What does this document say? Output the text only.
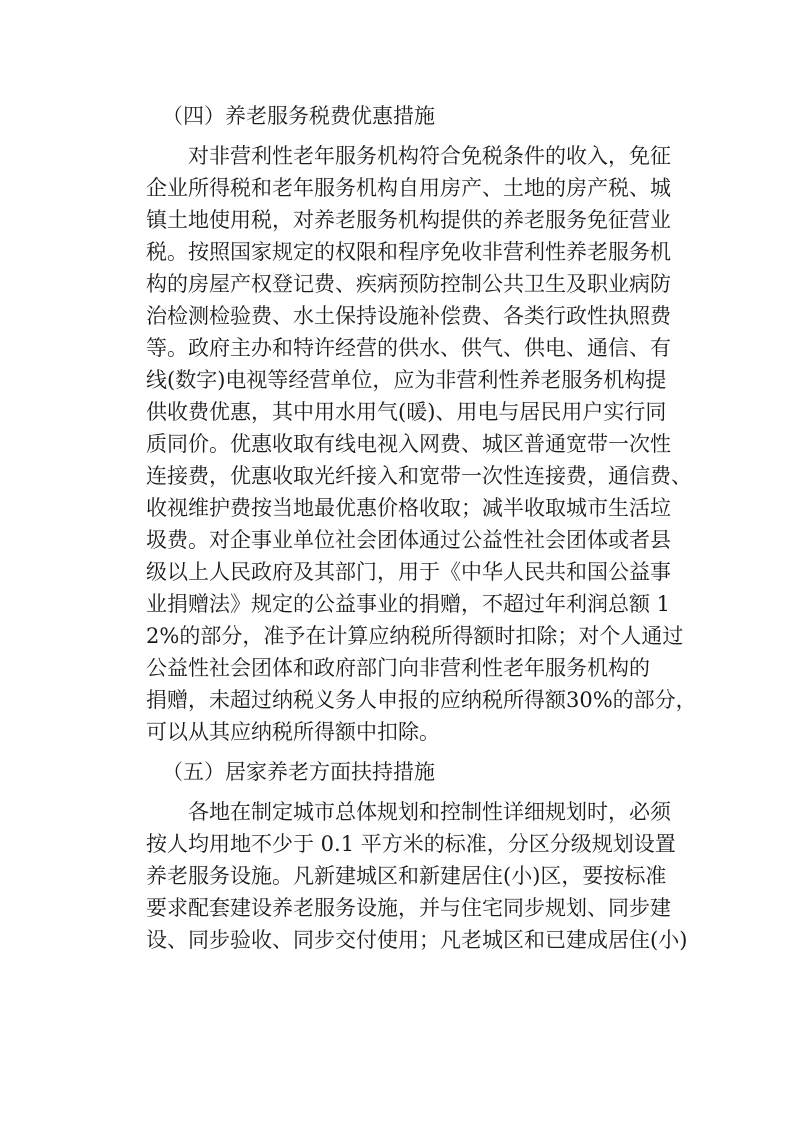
（四）养老服务税费优惠措施
对非营利性老年服务机构符合免税条件的收入，免征
企业所得税和老年服务机构自用房产、土地的房产税、城
镇土地使用税，对养老服务机构提供的养老服务免征营业
税。按照国家规定的权限和程序免收非营利性养老服务机
构的房屋产权登记费、疾病预防控制公共卫生及职业病防
治检测检验费、水土保持设施补偿费、各类行政性执照费
等。政府主办和特许经营的供水、供气、供电、通信、有
线(数字)电视等经营单位，应为非营利性养老服务机构提
供收费优惠，其中用水用气(暖)、用电与居民用户实行同
质同价。优惠收取有线电视入网费、城区普通宽带一次性
连接费，优惠收取光纤接入和宽带一次性连接费，通信费、
收视维护费按当地最优惠价格收取；减半收取城市生活垃
圾费。对企事业单位社会团体通过公益性社会团体或者县
级以上人民政府及其部门，用于《中华人民共和国公益事
业捐赠法》规定的公益事业的捐赠，不超过年利润总额 1
2%的部分，准予在计算应纳税所得额时扣除；对个人通过
公益性社会团体和政府部门向非营利性老年服务机构的
捐赠，未超过纳税义务人申报的应纳税所得额30%的部分，
可以从其应纳税所得额中扣除。
（五）居家养老方面扶持措施
各地在制定城市总体规划和控制性详细规划时，必须
按人均用地不少于 0.1 平方米的标准，分区分级规划设置
养老服务设施。凡新建城区和新建居住(小)区，要按标准
要求配套建设养老服务设施，并与住宅同步规划、同步建
设、同步验收、同步交付使用；凡老城区和已建成居住(小)
